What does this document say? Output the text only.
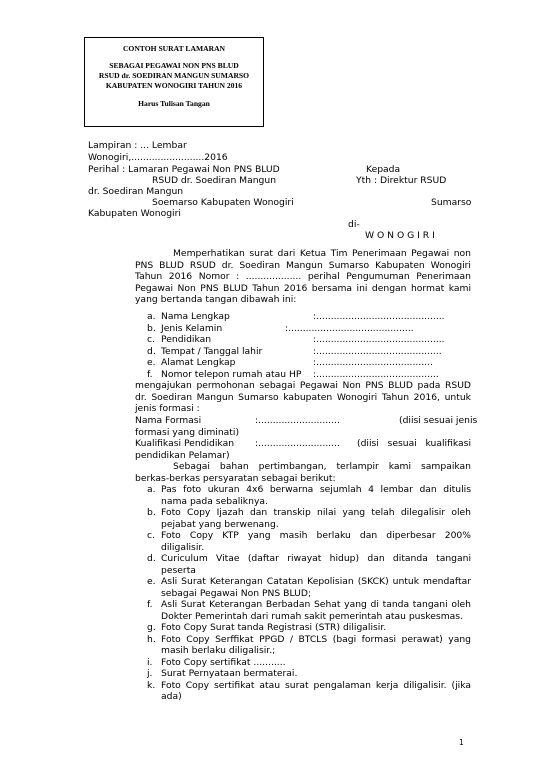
CONTOH SURAT LAMARAN
SEBAGAI PEGAWAI NON PNS BLUD
RSUD dr. SOEDIRAN MANGUN SUMARSO
KABUPATEN WONOGIRI TAHUN 2016
Harus Tulisan Tangan
Lampiran : ... Lembar
Wonogiri,.........................2016
Perihal : Lamaran Pegawai Non PNS BLUD	Kepada
RSUD dr. Soediran Mangun	Yth : Direktur RSUD
dr. Soediran Mangun
Soemarso Kabupaten Wonogiri	Sumarso
Kabupaten Wonogiri
di-
W O N O G I R I
Memperhatikan surat dari Ketua Tim Penerimaan Pegawai non
PNS BLUD RSUD dr. Soediran Mangun Sumarso Kabupaten Wonogiri
Tahun 2016 Nomor : ................... perihal Pengumuman Penerimaan
Pegawai Non PNS BLUD Tahun 2016 bersama ini dengan hormat kami
yang bertanda tangan dibawah ini:
a. Nama Lengkap	:............................................
b. Jenis Kelamin	:...........................................
c. Pendidikan	:............................................
d. Tempat / Tanggal lahir	:...........................................
e. Alamat Lengkap	:........................................
f. Nomor telepon rumah atau HP :..........................................
mengajukan permohonan sebagai Pegawai Non PNS BLUD pada RSUD
dr. Soediran Mangun Sumarso kabupaten Wonogiri Tahun 2016, untuk
jenis formasi :
Nama Formasi	:............................	(diisi sesuai jenis
formasi yang diminati)
Kualifikasi Pendidikan :............................ (diisi sesuai kualifikasi
pendidikan Pelamar)
Sebagai bahan pertimbangan, terlampir kami sampaikan
berkas-berkas persyaratan sebagai berikut:
a. Pas foto ukuran 4x6 berwarna sejumlah 4 lembar dan ditulis
nama pada sebaliknya.
b. Foto Copy Ijazah dan transkip nilai yang telah dilegalisir oleh
pejabat yang berwenang.
c. Foto Copy KTP yang masih berlaku dan diperbesar 200%
diligalisir.
d. Curiculum Vitae (daftar riwayat hidup) dan ditanda tangani
peserta
e. Asli Surat Keterangan Catatan Kepolisian (SKCK) untuk mendaftar
sebagai Pegawai Non PNS BLUD;
f. Asli Surat Keterangan Berbadan Sehat yang di tanda tangani oleh
Dokter Pemerintah dari rumah sakit pemerintah atau puskesmas.
g. Foto Copy Surat tanda Registrasi (STR) diligalisir.
h. Foto Copy Serffikat PPGD / BTCLS (bagi formasi perawat) yang
masih berlaku diligalisir.;
i. Foto Copy sertifikat ...........
j. Surat Pernyataan bermaterai.
k. Foto Copy sertifikat atau surat pengalaman kerja diligalisir. (jika
ada)
1
